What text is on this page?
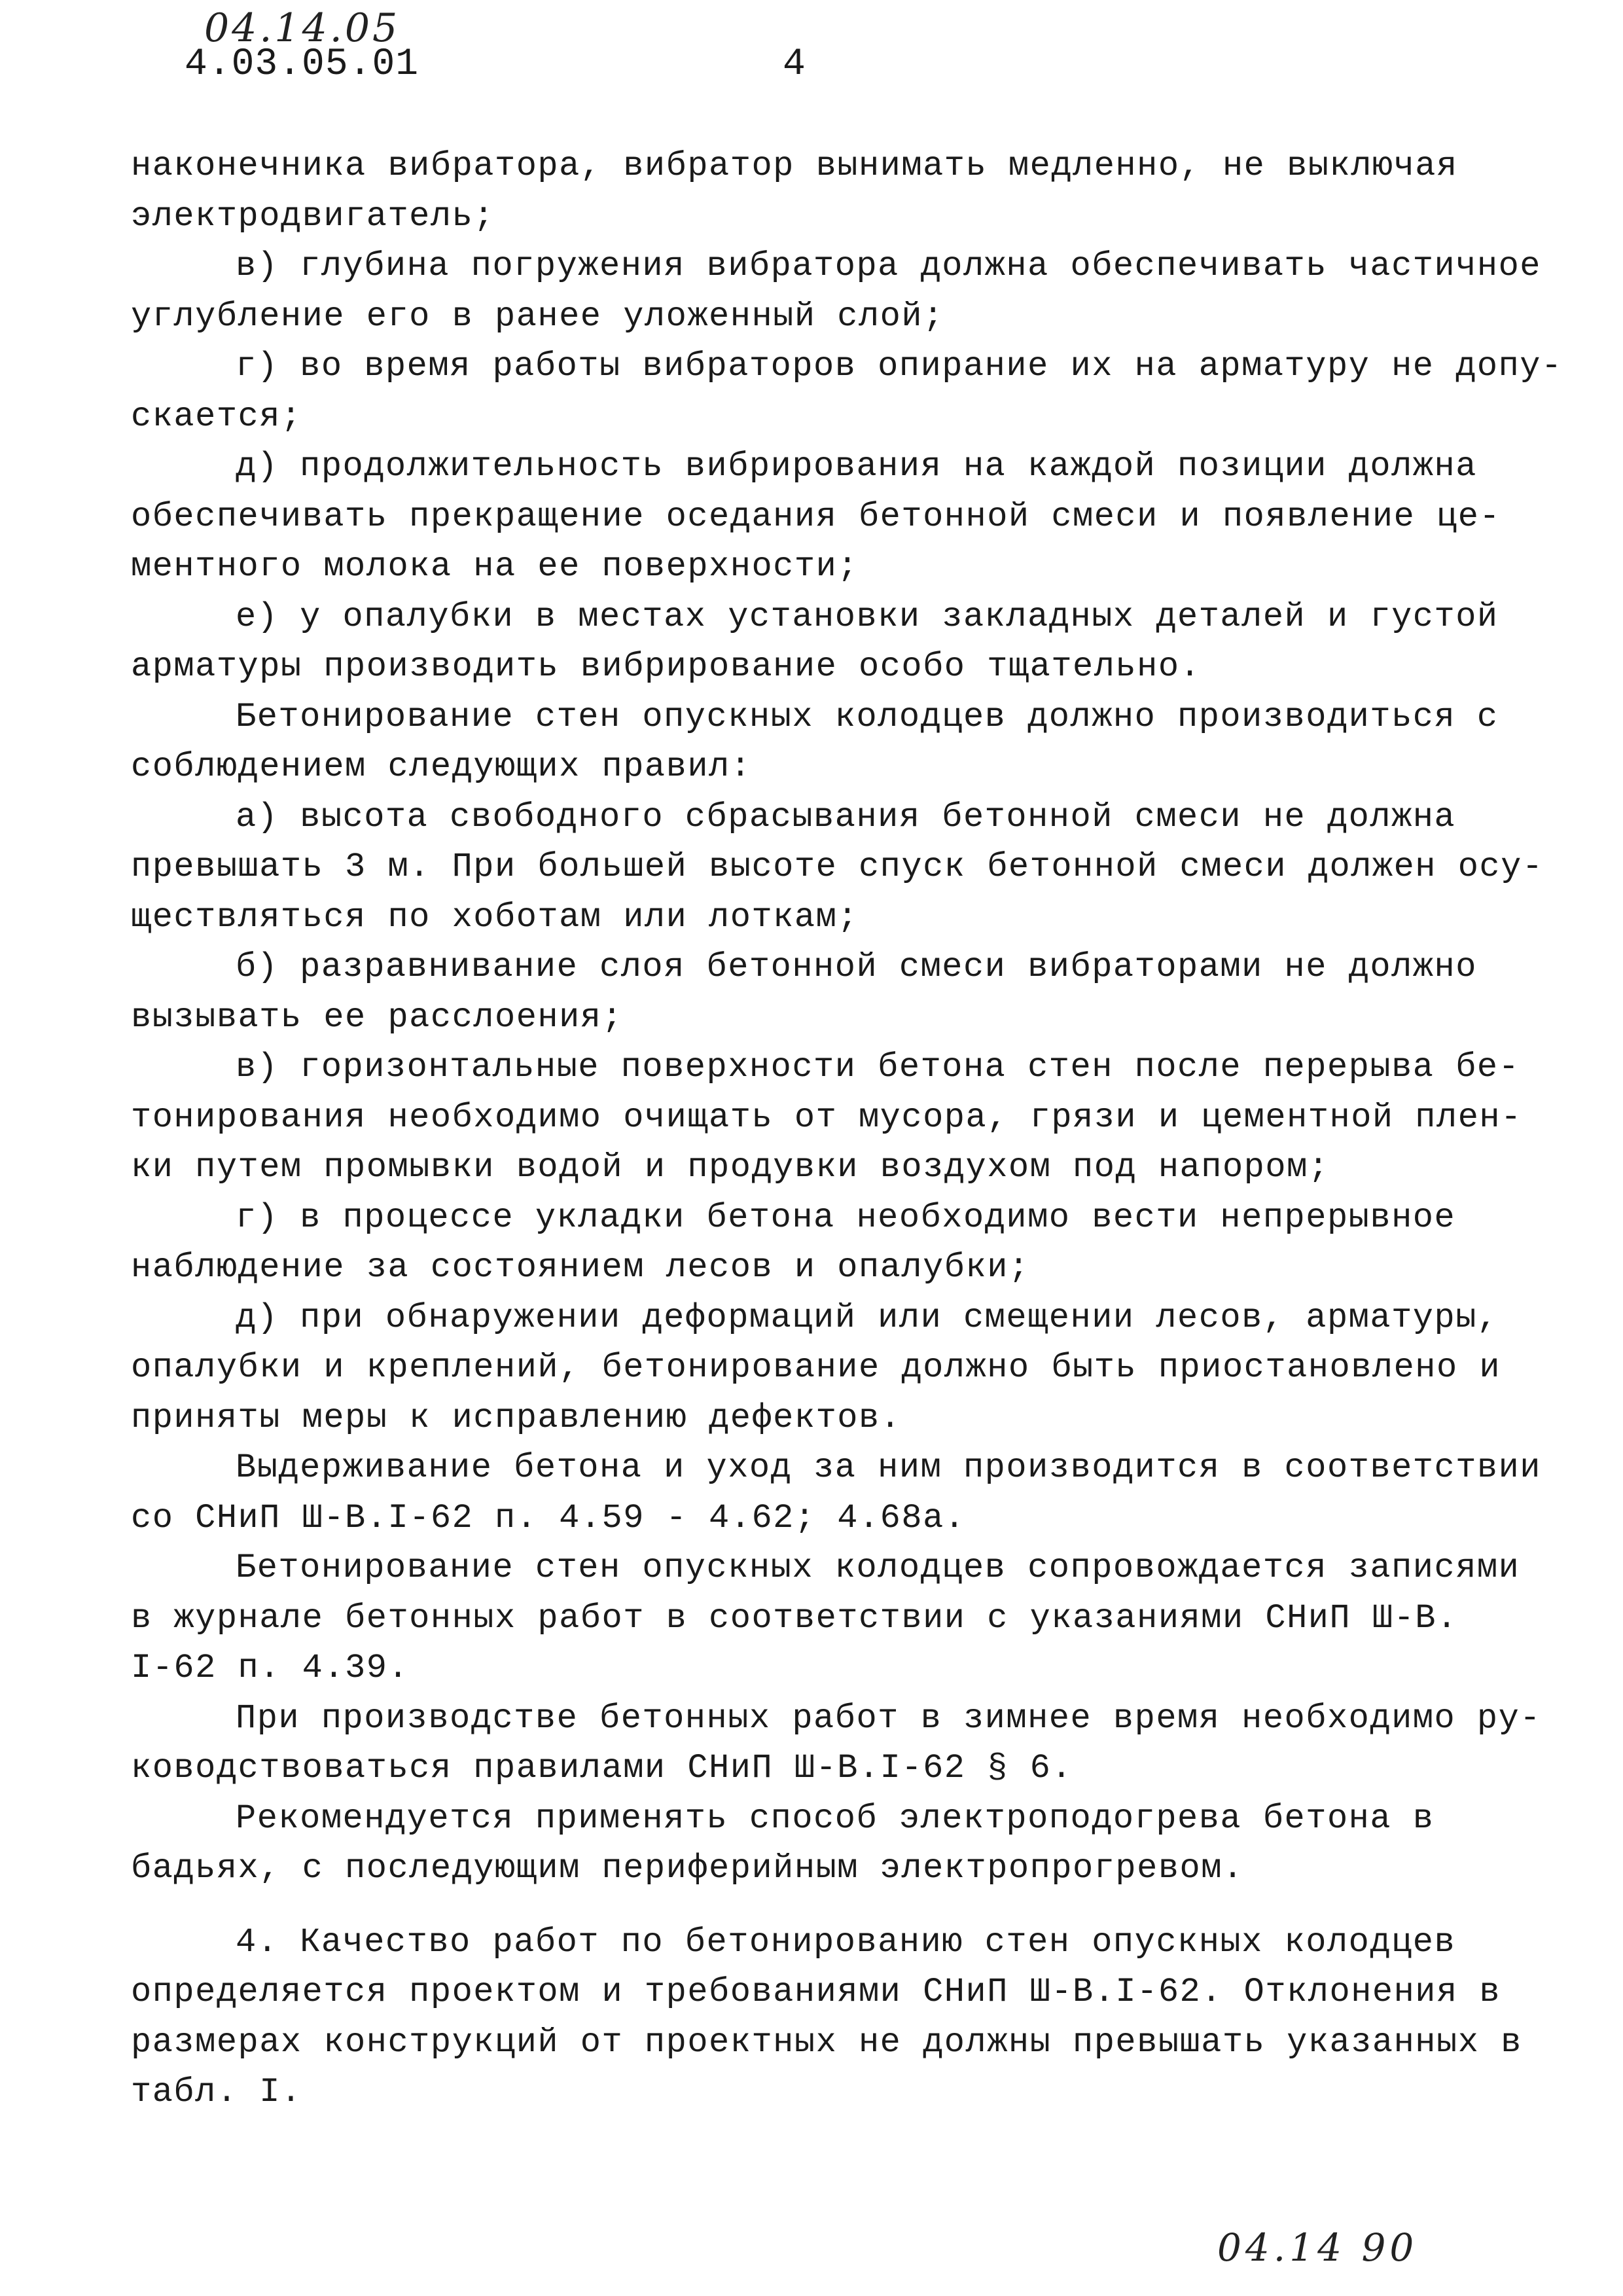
04.14.05
4.03.05.01	4
наконечника вибратора, вибратор вынимать медленно, не выключая
электродвигатель;
в) глубина погружения вибратора должна обеспечивать частичное
углубление его в ранее уложенный слой;
г) во время работы вибраторов опирание их на арматуру не допу-
скается;
д) продолжительность вибрирования на каждой позиции должна
обеспечивать прекращение оседания бетонной смеси и появление це-
ментного молока на ее поверхности;
е) у опалубки в местах установки закладных деталей и густой
арматуры производить вибрирование особо тщательно.
Бетонирование стен опускных колодцев должно производиться с
соблюдением следующих правил:
а) высота свободного сбрасывания бетонной смеси не должна
превышать 3 м. При большей высоте спуск бетонной смеси должен осу-
ществляться по хоботам или лоткам;
б) разравнивание слоя бетонной смеси вибраторами не должно
вызывать ее расслоения;
в) горизонтальные поверхности бетона стен после перерыва бе-
тонирования необходимо очищать от мусора, грязи и цементной плен-
ки путем промывки водой и продувки воздухом под напором;
г) в процессе укладки бетона необходимо вести непрерывное
наблюдение за состоянием лесов и опалубки;
д) при обнаружении деформаций или смещении лесов, арматуры,
опалубки и креплений, бетонирование должно быть приостановлено и
приняты меры к исправлению дефектов.
Выдерживание бетона и уход за ним производится в соответствии
со СНиП Ш-В.I-62 п. 4.59 - 4.62; 4.68а.
Бетонирование стен опускных колодцев сопровождается записями
в журнале бетонных работ в соответствии с указаниями СНиП Ш-В.
I-62 п. 4.39.
При производстве бетонных работ в зимнее время необходимо ру-
ководствоваться правилами СНиП Ш-В.I-62 § 6.
Рекомендуется применять способ электроподогрева бетона в
бадьях, с последующим периферийным электропрогревом.
4. Качество работ по бетонированию стен опускных колодцев
определяется проектом и требованиями СНиП Ш-В.I-62. Отклонения в
размерах конструкций от проектных не должны превышать указанных в
табл. I.
04.14 90
